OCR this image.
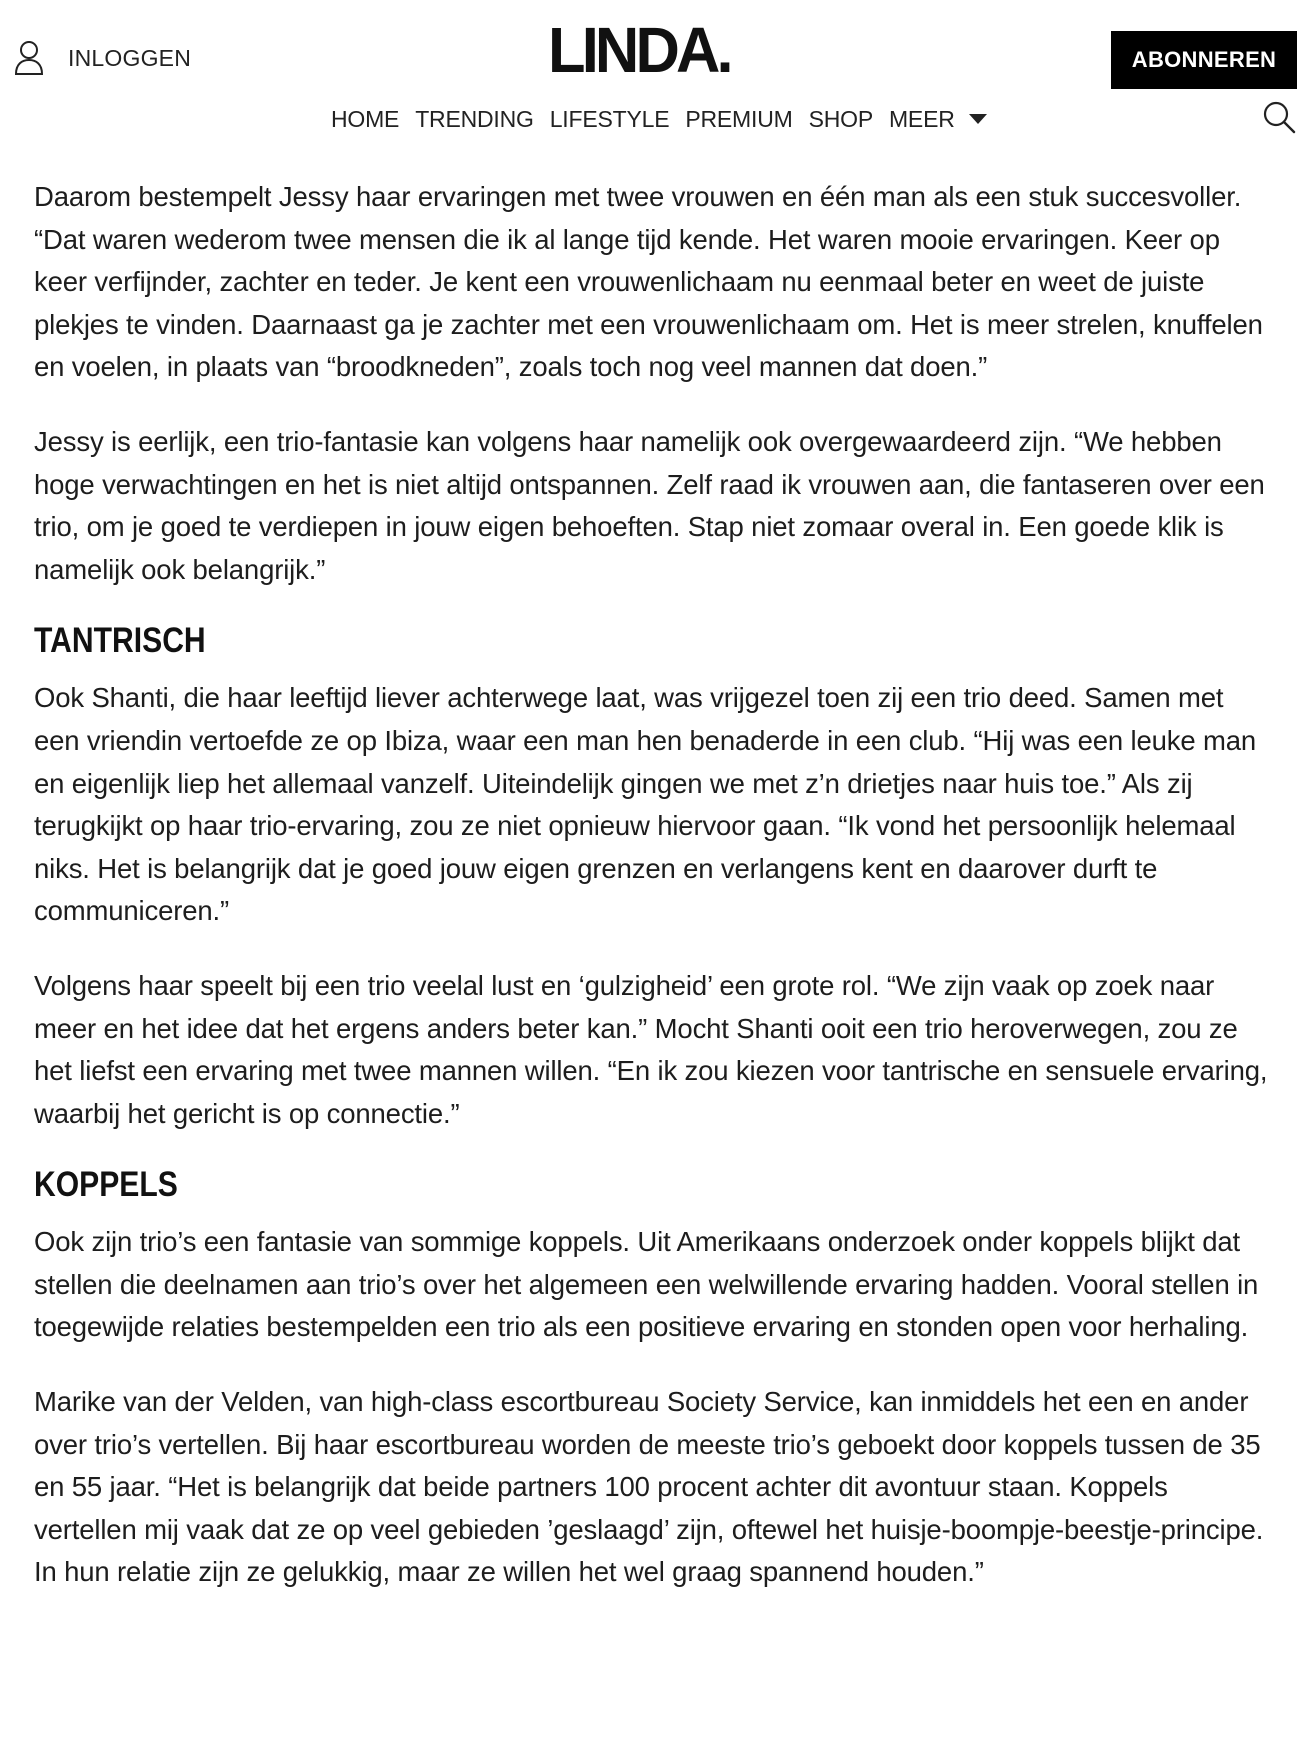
INLOGGEN	LINDA.	ABONNEREN
HOME TRENDING LIFESTYLE PREMIUM SHOP MEER

Daarom bestempelt Jessy haar ervaringen met twee vrouwen en één man als een stuk succesvoller. “Dat waren wederom twee mensen die ik al lange tijd kende. Het waren mooie ervaringen. Keer op keer verfijnder, zachter en teder. Je kent een vrouwenlichaam nu eenmaal beter en weet de juiste plekjes te vinden. Daarnaast ga je zachter met een vrouwenlichaam om. Het is meer strelen, knuffelen en voelen, in plaats van “broodkneden”, zoals toch nog veel mannen dat doen.”

Jessy is eerlijk, een trio-fantasie kan volgens haar namelijk ook overgewaardeerd zijn. “We hebben hoge verwachtingen en het is niet altijd ontspannen. Zelf raad ik vrouwen aan, die fantaseren over een trio, om je goed te verdiepen in jouw eigen behoeften. Stap niet zomaar overal in. Een goede klik is namelijk ook belangrijk.”

TANTRISCH

Ook Shanti, die haar leeftijd liever achterwege laat, was vrijgezel toen zij een trio deed. Samen met een vriendin vertoefde ze op Ibiza, waar een man hen benaderde in een club. “Hij was een leuke man en eigenlijk liep het allemaal vanzelf. Uiteindelijk gingen we met z’n drietjes naar huis toe.” Als zij terugkijkt op haar trio-ervaring, zou ze niet opnieuw hiervoor gaan. “Ik vond het persoonlijk helemaal niks. Het is belangrijk dat je goed jouw eigen grenzen en verlangens kent en daarover durft te communiceren.”

Volgens haar speelt bij een trio veelal lust en ‘gulzigheid’ een grote rol. “We zijn vaak op zoek naar meer en het idee dat het ergens anders beter kan.” Mocht Shanti ooit een trio heroverwegen, zou ze het liefst een ervaring met twee mannen willen. “En ik zou kiezen voor tantrische en sensuele ervaring, waarbij het gericht is op connectie.”

KOPPELS

Ook zijn trio’s een fantasie van sommige koppels. Uit Amerikaans onderzoek onder koppels blijkt dat stellen die deelnamen aan trio’s over het algemeen een welwillende ervaring hadden. Vooral stellen in toegewijde relaties bestempelden een trio als een positieve ervaring en stonden open voor herhaling.

Marike van der Velden, van high-class escortbureau Society Service, kan inmiddels het een en ander over trio’s vertellen. Bij haar escortbureau worden de meeste trio’s geboekt door koppels tussen de 35 en 55 jaar. “Het is belangrijk dat beide partners 100 procent achter dit avontuur staan. Koppels vertellen mij vaak dat ze op veel gebieden ’geslaagd’ zijn, oftewel het huisje-boompje-beestje-principe. In hun relatie zijn ze gelukkig, maar ze willen het wel graag spannend houden.”
